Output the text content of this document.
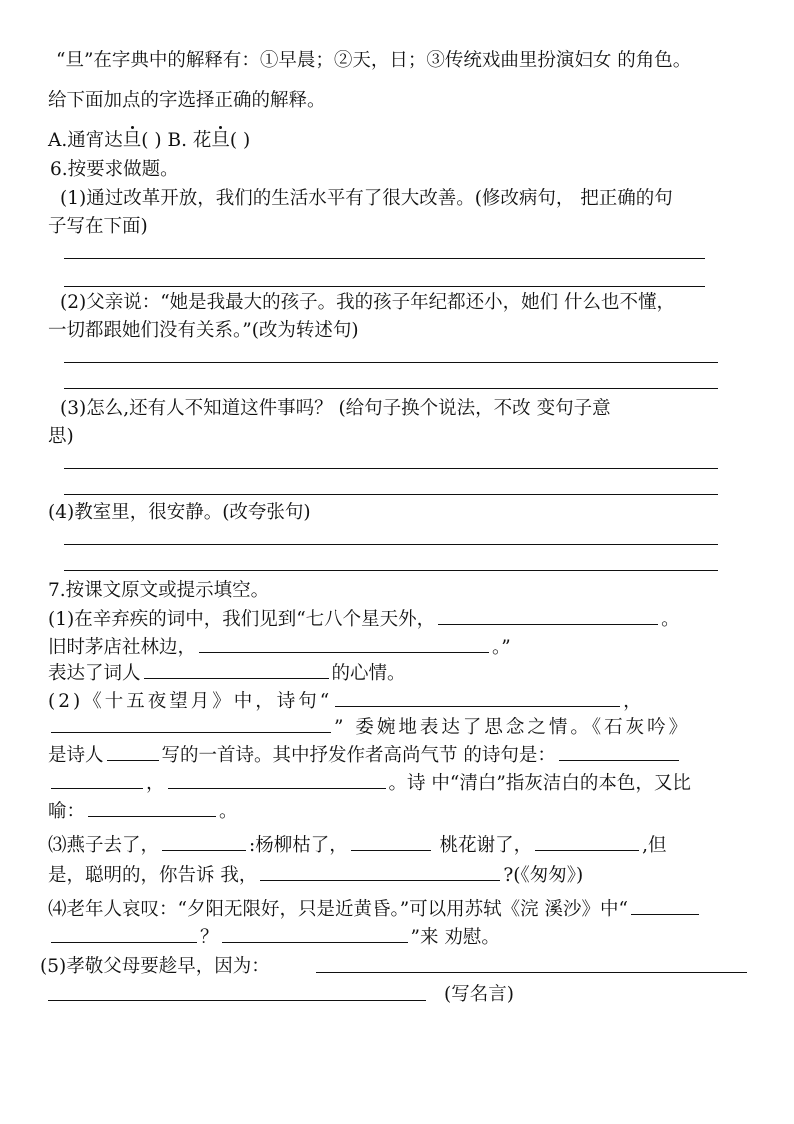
“旦”在字典中的解释有：①早晨；②天，日；③传统戏曲里扮演妇女 的角色。
给下面加点的字选择正确的解释。
A.通宵达旦( ) B. 花旦( )
6.按要求做题。
(1)通过改革开放，我们的生活水平有了很大改善。(修改病句， 把正确的句
子写在下面)
(2)父亲说：“她是我最大的孩子。我的孩子年纪都还小，她们 什么也不懂，
一切都跟她们没有关系。”(改为转述句)
(3)怎么,还有人不知道这件事吗？ (给句子换个说法，不改 变句子意
思)
(4)教室里，很安静。(改夸张句)
7.按课文原文或提示填空。
(1)在辛弃疾的词中，我们见到“七八个星天外，	。
旧时茅店社林边，	。”
表达了词人	的心情。
(2)《十五夜望月》中，诗句“	，
” 委婉地表达了思念之情。《石灰吟》
是诗人	写的一首诗。其中抒发作者高尚气节 的诗句是：
，	。诗 中“清白”指灰洁白的本色，又比
喻：	。
⑶燕子去了，	:杨柳枯了，	桃花谢了，	,但
是，聪明的，你告诉 我，	?(《匆匆》)
⑷老年人哀叹：“夕阳无限好，只是近黄昏。”可以用苏轼《浣 溪沙》中“
？	”来 劝慰。
(5)孝敬父母要趁早，因为：
(写名言)
